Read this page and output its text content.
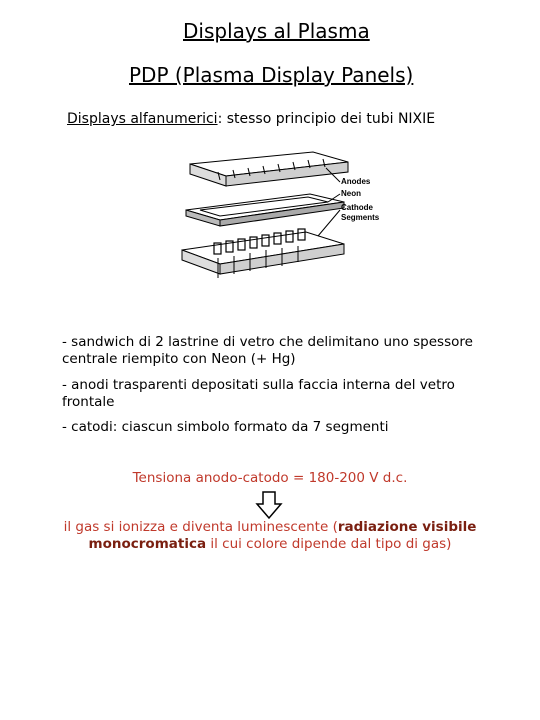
Displays al Plasma
PDP (Plasma Display Panels)
Displays alfanumerici: stesso principio dei tubi NIXIE
Anodes
Neon
Cathode
Segments
- sandwich di 2 lastrine di vetro che delimitano uno spessore centrale riempito con Neon (+ Hg)
- anodi trasparenti depositati sulla faccia interna del vetro frontale
- catodi: ciascun simbolo formato da 7 segmenti
Tensiona anodo-catodo = 180-200 V d.c.
il gas si ionizza e diventa luminescente (radiazione visibile monocromatica il cui colore dipende dal tipo di gas)
